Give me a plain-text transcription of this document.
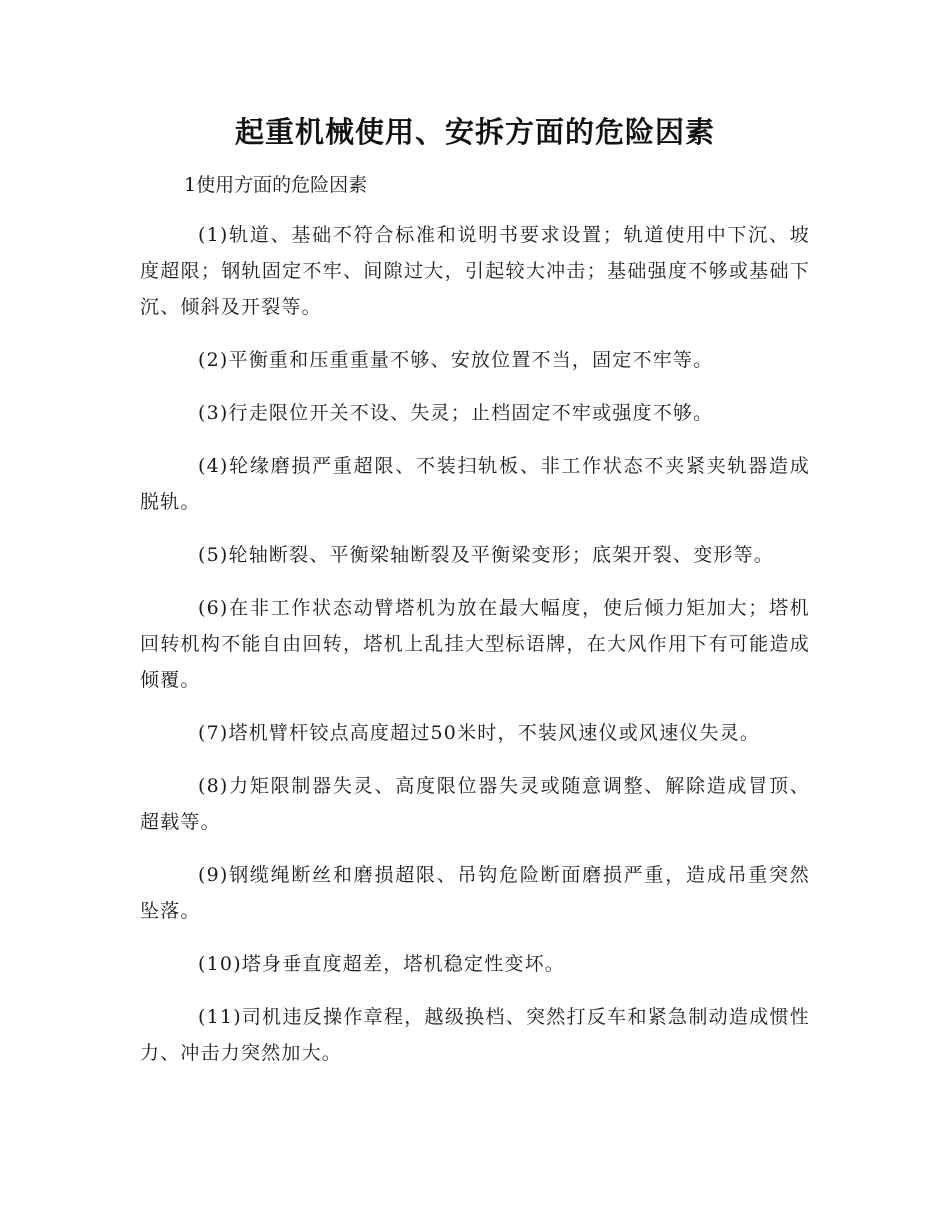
起重机械使用、安拆方面的危险因素

1使用方面的危险因素

(1)轨道、基础不符合标准和说明书要求设置；轨道使用中下沉、坡度超限；钢轨固定不牢、间隙过大，引起较大冲击；基础强度不够或基础下沉、倾斜及开裂等。

(2)平衡重和压重重量不够、安放位置不当，固定不牢等。

(3)行走限位开关不设、失灵；止档固定不牢或强度不够。

(4)轮缘磨损严重超限、不装扫轨板、非工作状态不夹紧夹轨器造成脱轨。

(5)轮轴断裂、平衡梁轴断裂及平衡梁变形；底架开裂、变形等。

(6)在非工作状态动臂塔机为放在最大幅度，使后倾力矩加大；塔机回转机构不能自由回转，塔机上乱挂大型标语牌，在大风作用下有可能造成倾覆。

(7)塔机臂杆铰点高度超过50米时，不装风速仪或风速仪失灵。

(8)力矩限制器失灵、高度限位器失灵或随意调整、解除造成冒顶、超载等。

(9)钢缆绳断丝和磨损超限、吊钩危险断面磨损严重，造成吊重突然坠落。

(10)塔身垂直度超差，塔机稳定性变坏。

(11)司机违反操作章程，越级换档、突然打反车和紧急制动造成惯性力、冲击力突然加大。
